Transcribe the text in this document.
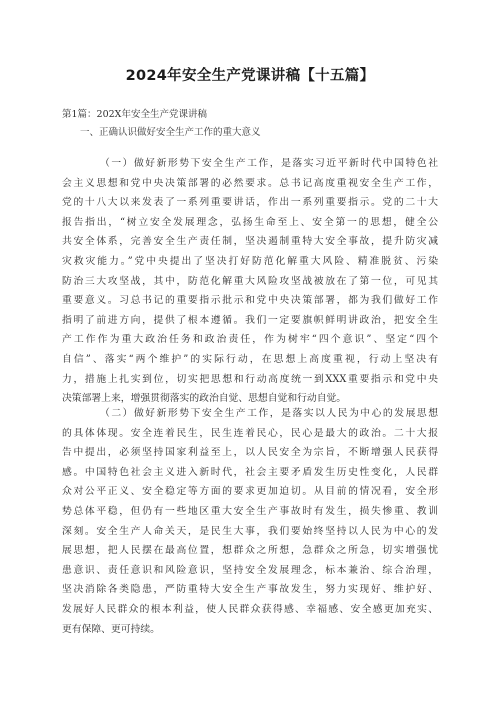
2024年安全生产党课讲稿【十五篇】
第1篇：202X年安全生产党课讲稿
一、正确认识做好安全生产工作的重大意义
（一）做好新形势下安全生产工作，是落实习近平新时代中国特色社
会主义思想和党中央决策部署的必然要求。总书记高度重视安全生产工作，
党的十八大以来发表了一系列重要讲话，作出一系列重要指示。党的二十大
报告指出，“树立安全发展理念，弘扬生命至上、安全第一的思想，健全公
共安全体系，完善安全生产责任制，坚决遏制重特大安全事故，提升防灾减
灾救灾能力。”党中央提出了坚决打好防范化解重大风险、精准脱贫、污染
防治三大攻坚战，其中，防范化解重大风险攻坚战被放在了第一位，可见其
重要意义。习总书记的重要指示批示和党中央决策部署，都为我们做好工作
指明了前进方向，提供了根本遵循。我们一定要旗帜鲜明讲政治，把安全生
产工作作为重大政治任务和政治责任，作为树牢“四个意识”、坚定“四个
自信”、落实“两个维护”的实际行动，在思想上高度重视，行动上坚决有
力，措施上扎实到位，切实把思想和行动高度统一到XXX重要指示和党中央
决策部署上来，增强贯彻落实的政治自觉、思想自觉和行动自觉。
（二）做好新形势下安全生产工作，是落实以人民为中心的发展思想
的具体体现。安全连着民生，民生连着民心，民心是最大的政治。二十大报
告中提出，必须坚持国家利益至上，以人民安全为宗旨，不断增强人民获得
感。中国特色社会主义进入新时代，社会主要矛盾发生历史性变化，人民群
众对公平正义、安全稳定等方面的要求更加迫切。从目前的情况看，安全形
势总体平稳，但仍有一些地区重大安全生产事故时有发生，损失惨重、教训
深刻。安全生产人命关天，是民生大事，我们要始终坚持以人民为中心的发
展思想，把人民摆在最高位置，想群众之所想，急群众之所急，切实增强忧
患意识、责任意识和风险意识，坚持安全发展理念，标本兼治、综合治理，
坚决消除各类隐患，严防重特大安全生产事故发生，努力实现好、维护好、
发展好人民群众的根本利益，使人民群众获得感、幸福感、安全感更加充实、
更有保障、更可持续。
